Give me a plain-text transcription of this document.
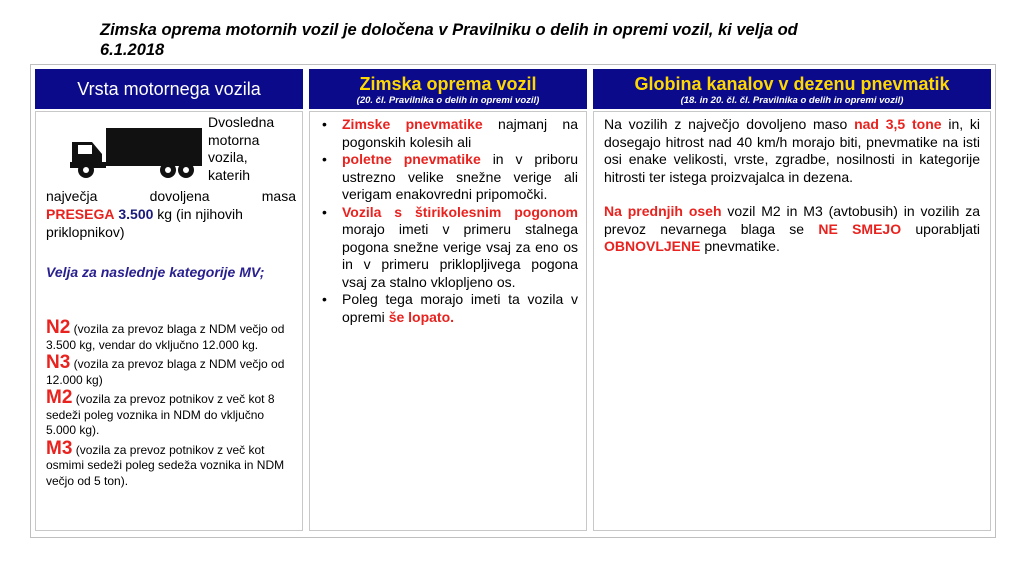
Zimska oprema motornih vozil je določena v Pravilniku o delih in opremi vozil, ki velja od
6.1.2018
Vrsta motornega vozila	Zimska oprema vozil
(20. čl. Pravilnika o delih in opremi vozil)
Globina kanalov v dezenu pnevmatik
(18. in 20. čl. čl. Pravilnika o delih in opremi vozil)
Dvosledna motorna vozila, katerih
največja dovoljena masa
PRESEGA 3.500 kg (in njihovih priklopnikov)
Velja za naslednje kategorije MV;
N2 (vozila za prevoz blaga z NDM večjo od 3.500 kg, vendar do vključno 12.000 kg.
N3 (vozila za prevoz blaga z NDM večjo od 12.000 kg)
M2 (vozila za prevoz potnikov z več kot 8 sedeži poleg voznika in NDM do vključno 5.000 kg).
M3 (vozila za prevoz potnikov z več kot osmimi sedeži poleg sedeža voznika in NDM večjo od 5 ton).
• Zimske pnevmatike najmanj na pogonskih kolesih ali
• poletne pnevmatike in v priboru ustrezno velike snežne verige ali verigam enakovredni pripomočki.
• Vozila s štirikolesnim pogonom morajo imeti v primeru stalnega pogona snežne verige vsaj za eno os in v primeru priklopljivega pogona vsaj za stalno vklopljeno os.
• Poleg tega morajo imeti ta vozila v opremi še lopato.
Na vozilih z največjo dovoljeno maso nad 3,5 tone in, ki dosegajo hitrost nad 40 km/h morajo biti, pnevmatike na isti osi enake velikosti, vrste, zgradbe, nosilnosti in kategorije hitrosti ter istega proizvajalca in dezena.
Na prednjih oseh vozil M2 in M3 (avtobusih) in vozilih za prevoz nevarnega blaga se NE SMEJO uporabljati OBNOVLJENE pnevmatike.
